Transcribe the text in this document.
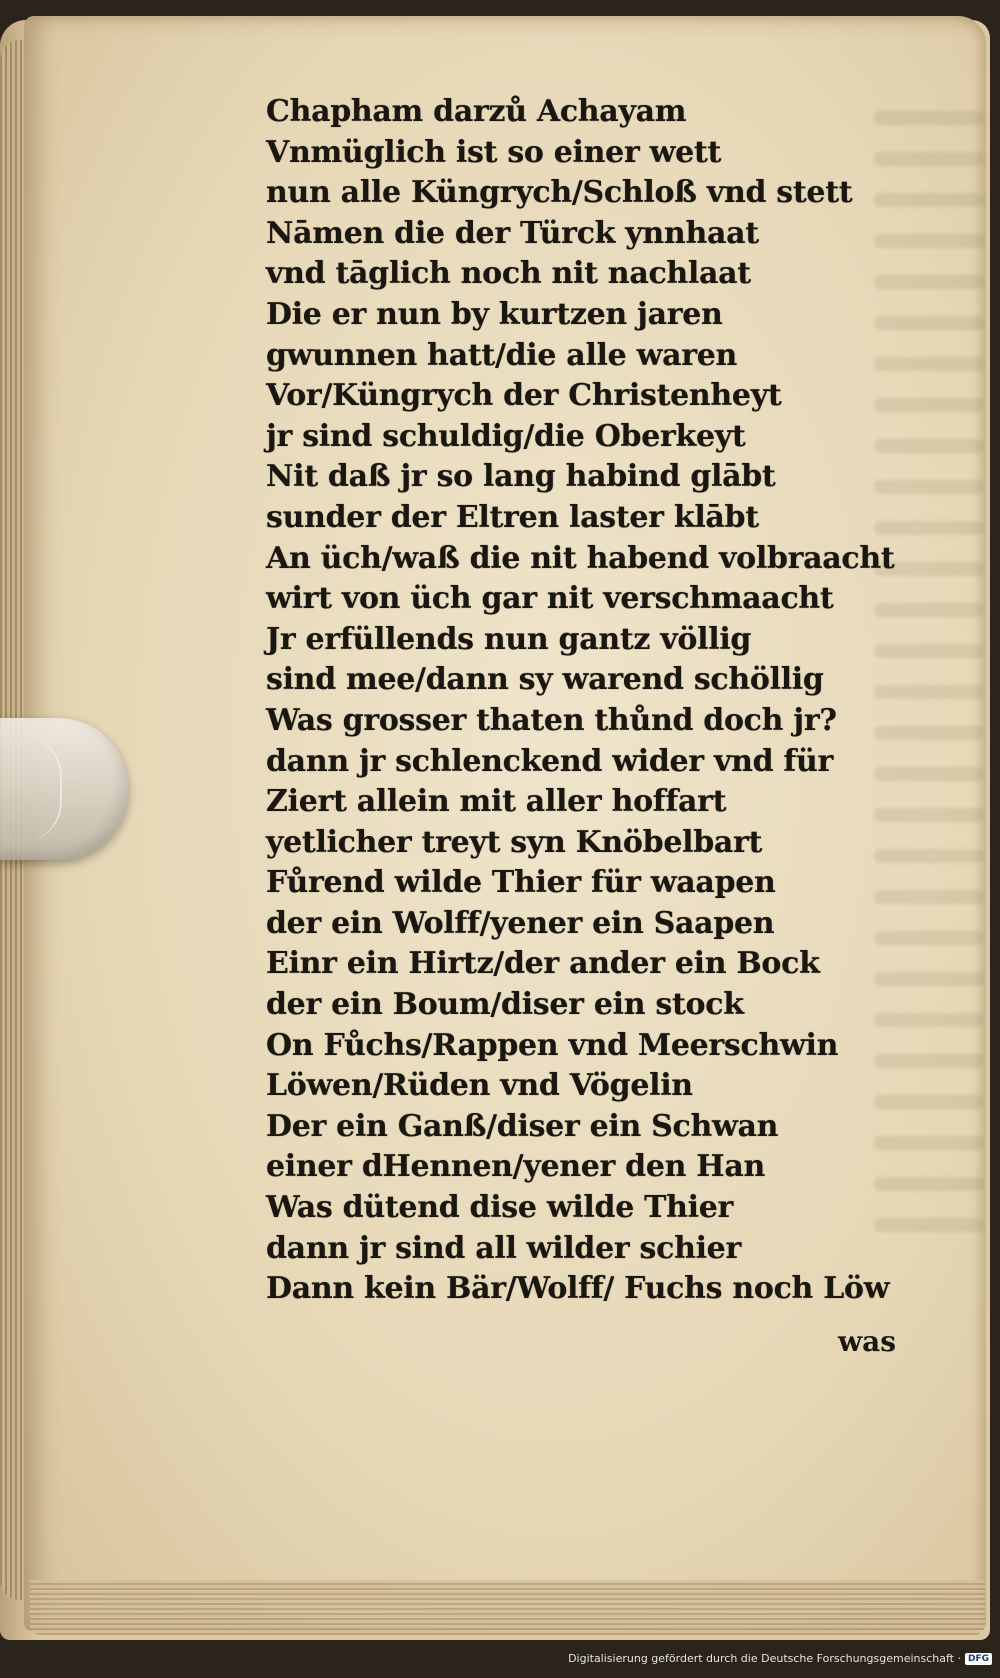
Chapham darzů Achayam
Vnmüglich ist so einer wett
nun alle Küngrych/Schloß vnd stett
Nāmen die der Türck ynnhaat
vnd tāglich noch nit nachlaat
Die er nun by kurtzen jaren
gwunnen hatt/die alle waren
Vor/Küngrych der Christenheyt
jr sind schuldig/die Oberkeyt
Nit daß jr so lang habind glābt
sunder der Eltren laster klābt
An üch/waß die nit habend volbraacht
wirt von üch gar nit verschmaacht
Jr erfüllends nun gantz völlig
sind mee/dann sy warend schöllig
Was grosser thaten thůnd doch jr?
dann jr schlenckend wider vnd für
Ziert allein mit aller hoffart
yetlicher treyt syn Knöbelbart
Fůrend wilde Thier für waapen
der ein Wolff/yener ein Saapen
Einr ein Hirtz/der ander ein Bock
der ein Boum/diser ein stock
On Fůchs/Rappen vnd Meerschwin
Löwen/Rüden vnd Vögelin
Der ein Ganß/diser ein Schwan
einer dHennen/yener den Han
Was dütend dise wilde Thier
dann jr sind all wilder schier
Dann kein Bär/Wolff/ Fuchs noch Löw
was
Digitalisierung gefördert durch die Deutsche Forschungsgemeinschaft · DFG
